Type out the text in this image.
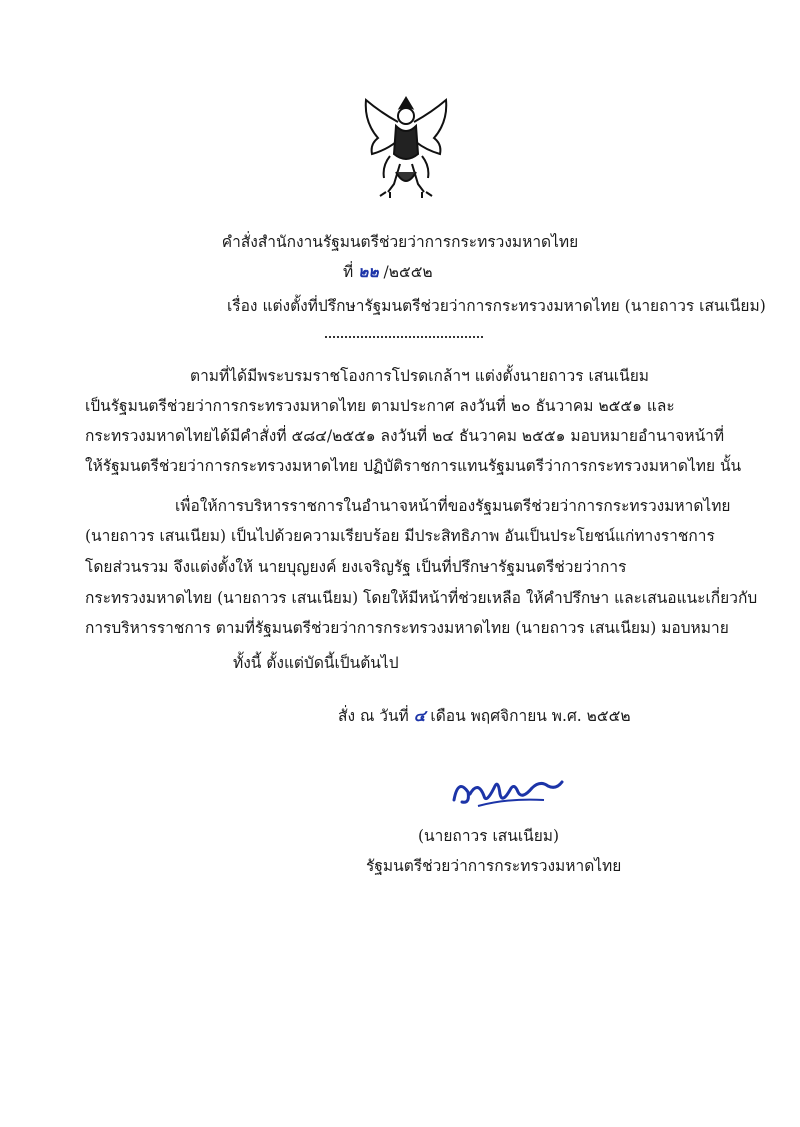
คำสั่งสำนักงานรัฐมนตรีช่วยว่าการกระทรวงมหาดไทย
ที่ ๒๒ /๒๕๕๒
เรื่อง แต่งตั้งที่ปรึกษารัฐมนตรีช่วยว่าการกระทรวงมหาดไทย (นายถาวร เสนเนียม)
ตามที่ได้มีพระบรมราชโองการโปรดเกล้าฯ แต่งตั้งนายถาวร เสนเนียม
เป็นรัฐมนตรีช่วยว่าการกระทรวงมหาดไทย ตามประกาศ ลงวันที่ ๒๐ ธันวาคม ๒๕๕๑ และ
กระทรวงมหาดไทยได้มีคำสั่งที่ ๕๘๔/๒๕๕๑ ลงวันที่ ๒๔ ธันวาคม ๒๕๕๑ มอบหมายอำนาจหน้าที่
ให้รัฐมนตรีช่วยว่าการกระทรวงมหาดไทย ปฏิบัติราชการแทนรัฐมนตรีว่าการกระทรวงมหาดไทย นั้น
เพื่อให้การบริหารราชการในอำนาจหน้าที่ของรัฐมนตรีช่วยว่าการกระทรวงมหาดไทย
(นายถาวร เสนเนียม) เป็นไปด้วยความเรียบร้อย มีประสิทธิภาพ อันเป็นประโยชน์แก่ทางราชการ
โดยส่วนรวม จึงแต่งตั้งให้ นายบุญยงค์ ยงเจริญรัฐ เป็นที่ปรึกษารัฐมนตรีช่วยว่าการ
กระทรวงมหาดไทย (นายถาวร เสนเนียม) โดยให้มีหน้าที่ช่วยเหลือ ให้คำปรึกษา และเสนอแนะเกี่ยวกับ
การบริหารราชการ ตามที่รัฐมนตรีช่วยว่าการกระทรวงมหาดไทย (นายถาวร เสนเนียม) มอบหมาย
ทั้งนี้ ตั้งแต่บัดนี้เป็นต้นไป
สั่ง ณ วันที่ ๔ เดือน พฤศจิกายน พ.ศ. ๒๕๕๒
(นายถาวร เสนเนียม)
รัฐมนตรีช่วยว่าการกระทรวงมหาดไทย
